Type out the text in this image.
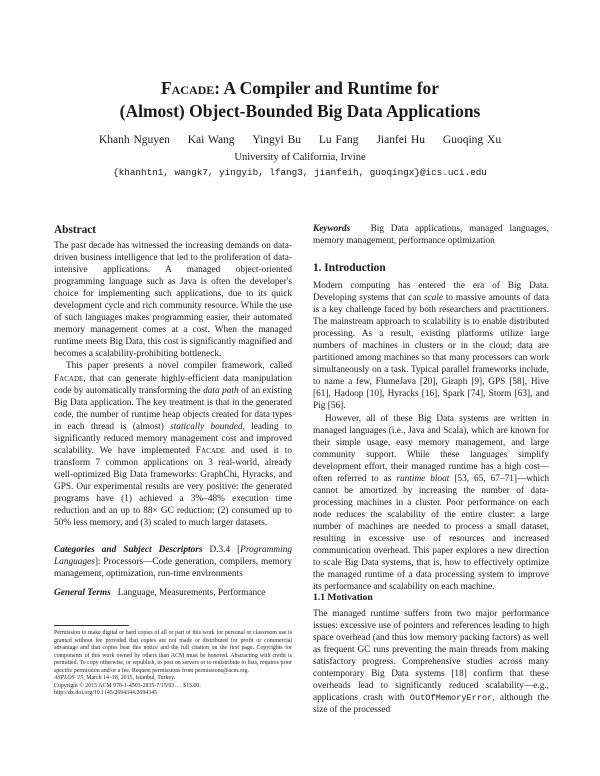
Facade: A Compiler and Runtime for
(Almost) Object-Bounded Big Data Applications
Khanh Nguyen Kai Wang Yingyi Bu Lu Fang Jianfei Hu Guoqing Xu
University of California, Irvine
{khanhtn1, wangk7, yingyib, lfang3, jianfeih, guoqingx}@ics.uci.edu
Abstract

The past decade has witnessed the increasing demands on data-driven business intelligence that led to the proliferation of data-intensive applications. A managed object-oriented programming language such as Java is often the developer's choice for implementing such applications, due to its quick development cycle and rich community resource. While the use of such languages makes programming easier, their automated memory management comes at a cost. When the managed runtime meets Big Data, this cost is significantly magnified and becomes a scalability-prohibiting bottleneck.

This paper presents a novel compiler framework, called Facade, that can generate highly-efficient data manipulation code by automatically transforming the data path of an existing Big Data application. The key treatment is that in the generated code, the number of runtime heap objects created for data types in each thread is (almost) statically bounded, leading to significantly reduced memory management cost and improved scalability. We have implemented Facade and used it to transform 7 common applications on 3 real-world, already well-optimized Big Data frameworks: GraphChi, Hyracks, and GPS. Our experimental results are very positive: the generated programs have (1) achieved a 3%–48% execution time reduction and an up to 88× GC reduction; (2) consumed up to 50% less memory, and (3) scaled to much larger datasets.

Categories and Subject Descriptors D.3.4 [Programming Languages]: Processors—Code generation, compilers, memory management, optimization, run-time environments

General Terms Language, Measurements, Performance

Permission to make digital or hard copies of all or part of this work for personal or classroom use is granted without fee provided that copies are not made or distributed for profit or commercial advantage and that copies bear this notice and the full citation on the first page. Copyrights for components of this work owned by others than ACM must be honored. Abstracting with credit is permitted. To copy otherwise, or republish, to post on servers or to redistribute to lists, requires prior specific permission and/or a fee. Request permissions from permissions@acm.org.

ASPLOS '15, March 14–18, 2015, Istanbul, Turkey.

Copyright © 2015 ACM 978-1-4503-2835-7/15/03. . . $15.00.

http://dx.doi.org/10.1145/2694344.2694345

Keywords Big Data applications, managed languages, memory management, performance optimization

1. Introduction

Modern computing has entered the era of Big Data. Developing systems that can scale to massive amounts of data is a key challenge faced by both researchers and practitioners. The mainstream approach to scalability is to enable distributed processing. As a result, existing platforms utilize large numbers of machines in clusters or in the cloud; data are partitioned among machines so that many processors can work simultaneously on a task. Typical parallel frameworks include, to name a few, FlumeJava [20], Giraph [9], GPS [58], Hive [61], Hadoop [10], Hyracks [16], Spark [74], Storm [63], and Pig [56].

However, all of these Big Data systems are written in managed languages (i.e., Java and Scala), which are known for their simple usage, easy memory management, and large community support. While these languages simplify development effort, their managed runtime has a high cost—often referred to as runtime bloat [53, 65, 67–71]—which cannot be amortized by increasing the number of data-processing machines in a cluster. Poor performance on each node reduces the scalability of the entire cluster: a large number of machines are needed to process a small dataset, resulting in excessive use of resources and increased communication overhead. This paper explores a new direction to scale Big Data systems, that is, how to effectively optimize the managed runtime of a data processing system to improve its performance and scalability on each machine.

1.1 Motivation

The managed runtime suffers from two major performance issues: excessive use of pointers and references leading to high space overhead (and thus low memory packing factors) as well as frequent GC runs preventing the main threads from making satisfactory progress. Comprehensive studies across many contemporary Big Data systems [18] confirm that these overheads lead to significantly reduced scalability—e.g., applications crash with OutOfMemoryError, although the size of the processed
